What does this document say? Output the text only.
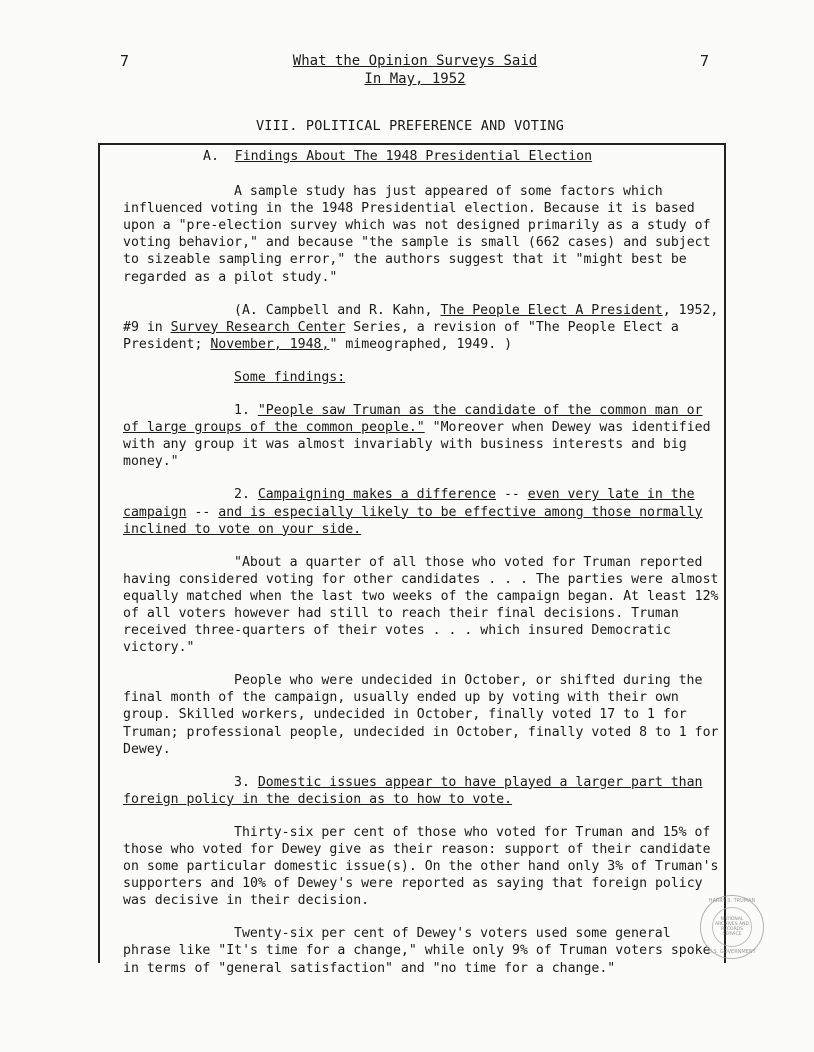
7	7
What the Opinion Surveys Said
In May, 1952
VIII. POLITICAL PREFERENCE AND VOTING

A. Findings About The 1948 Presidential Election

A sample study has just appeared of some factors which influenced voting in the 1948 Presidential election. Because it is based upon a "pre-election survey which was not designed primarily as a study of voting behavior," and because "the sample is small (662 cases) and subject to sizeable sampling error," the authors suggest that it "might best be regarded as a pilot study."

(A. Campbell and R. Kahn, The People Elect A President, 1952, #9 in Survey Research Center Series, a revision of "The People Elect a President; November, 1948," mimeographed, 1949. )

Some findings:

1. "People saw Truman as the candidate of the common man or of large groups of the common people." "Moreover when Dewey was identified with any group it was almost invariably with business interests and big money."

2. Campaigning makes a difference -- even very late in the campaign -- and is especially likely to be effective among those normally inclined to vote on your side.

"About a quarter of all those who voted for Truman reported having considered voting for other candidates . . . The parties were almost equally matched when the last two weeks of the campaign began. At least 12% of all voters however had still to reach their final decisions. Truman received three-quarters of their votes . . . which insured Democratic victory."

People who were undecided in October, or shifted during the final month of the campaign, usually ended up by voting with their own group. Skilled workers, undecided in October, finally voted 17 to 1 for Truman; professional people, undecided in October, finally voted 8 to 1 for Dewey.

3. Domestic issues appear to have played a larger part than foreign policy in the decision as to how to vote.

Thirty-six per cent of those who voted for Truman and 15% of those who voted for Dewey give as their reason: support of their candidate on some particular domestic issue(s). On the other hand only 3% of Truman's supporters and 10% of Dewey's were reported as saying that foreign policy was decisive in their decision.

Twenty-six per cent of Dewey's voters used some general phrase like "It's time for a change," while only 9% of Truman voters spoke in terms of "general satisfaction" and "no time for a change."

HARRY S. TRUMAN
NATIONAL ARCHIVES AND RECORDS SERVICE
U.S. GOVERNMENT
